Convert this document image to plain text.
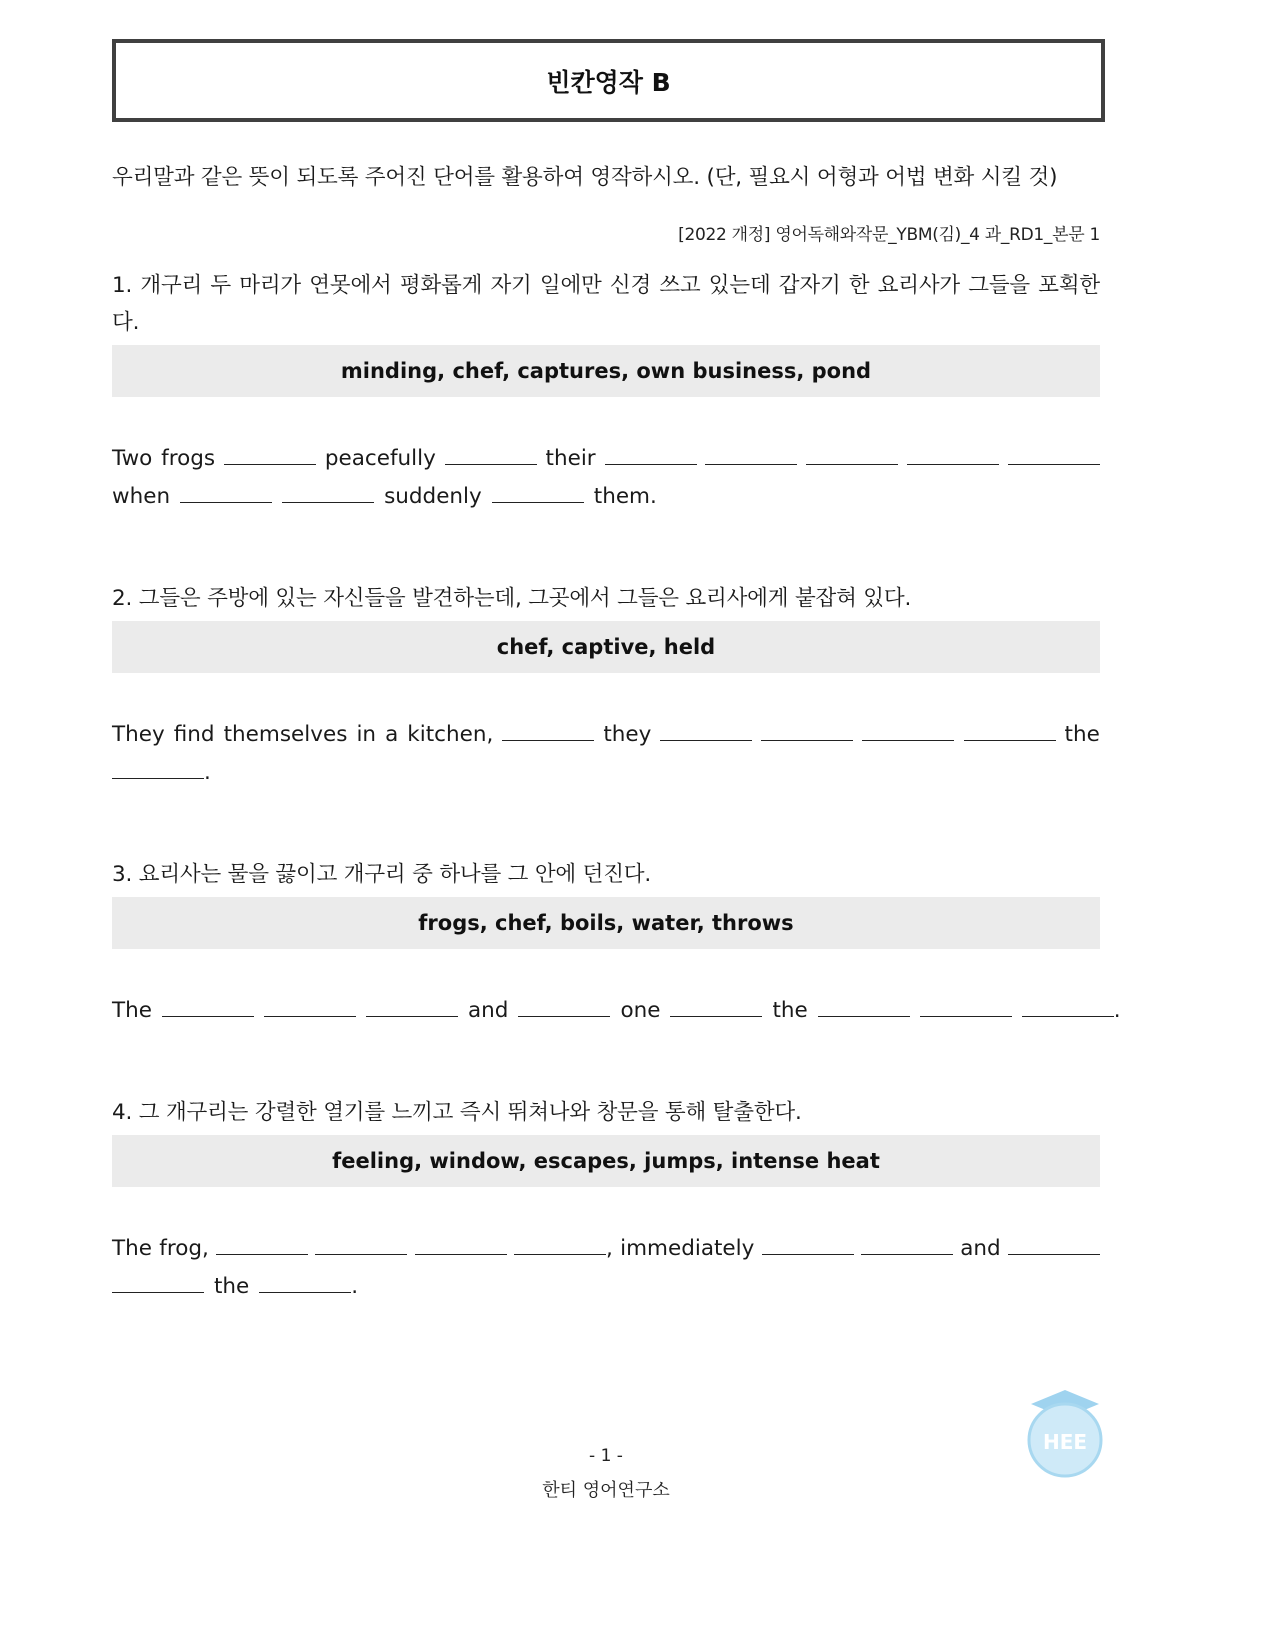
빈칸영작 B
우리말과 같은 뜻이 되도록 주어진 단어를 활용하여 영작하시오. (단, 필요시 어형과 어법 변화 시킬 것)
[2022 개정] 영어독해와작문_YBM(김)_4 과_RD1_본문 1
1. 개구리 두 마리가 연못에서 평화롭게 자기 일에만 신경 쓰고 있는데 갑자기 한 요리사가 그들을 포획한다.
minding, chef, captures, own business, pond
Two frogs	peacefully	their
when	suddenly	them.
2. 그들은 주방에 있는 자신들을 발견하는데, 그곳에서 그들은 요리사에게 붙잡혀 있다.
chef, captive, held
They find themselves in a kitchen,	they	the
.
3. 요리사는 물을 끓이고 개구리 중 하나를 그 안에 던진다.
frogs, chef, boils, water, throws
The	and	one	the	.
4. 그 개구리는 강렬한 열기를 느끼고 즉시 뛰쳐나와 창문을 통해 탈출한다.
feeling, window, escapes, jumps, intense heat
The frog,	, immediately	and
the	.
- 1 -
한티 영어연구소
HEE
